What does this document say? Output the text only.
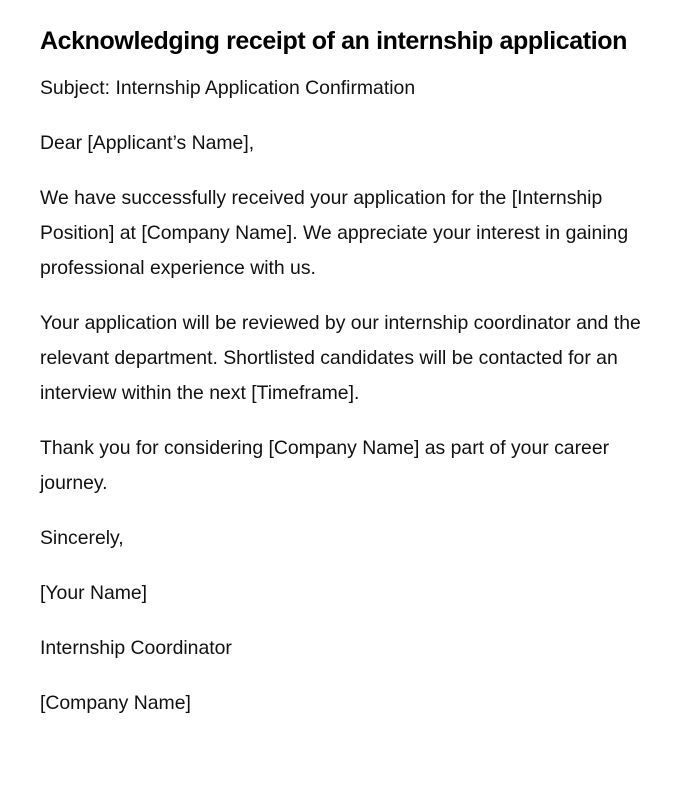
Acknowledging receipt of an internship application

Subject: Internship Application Confirmation

Dear [Applicant’s Name],

We have successfully received your application for the [Internship Position] at [Company Name]. We appreciate your interest in gaining professional experience with us.

Your application will be reviewed by our internship coordinator and the relevant department. Shortlisted candidates will be contacted for an interview within the next [Timeframe].

Thank you for considering [Company Name] as part of your career journey.

Sincerely,

[Your Name]

Internship Coordinator

[Company Name]
